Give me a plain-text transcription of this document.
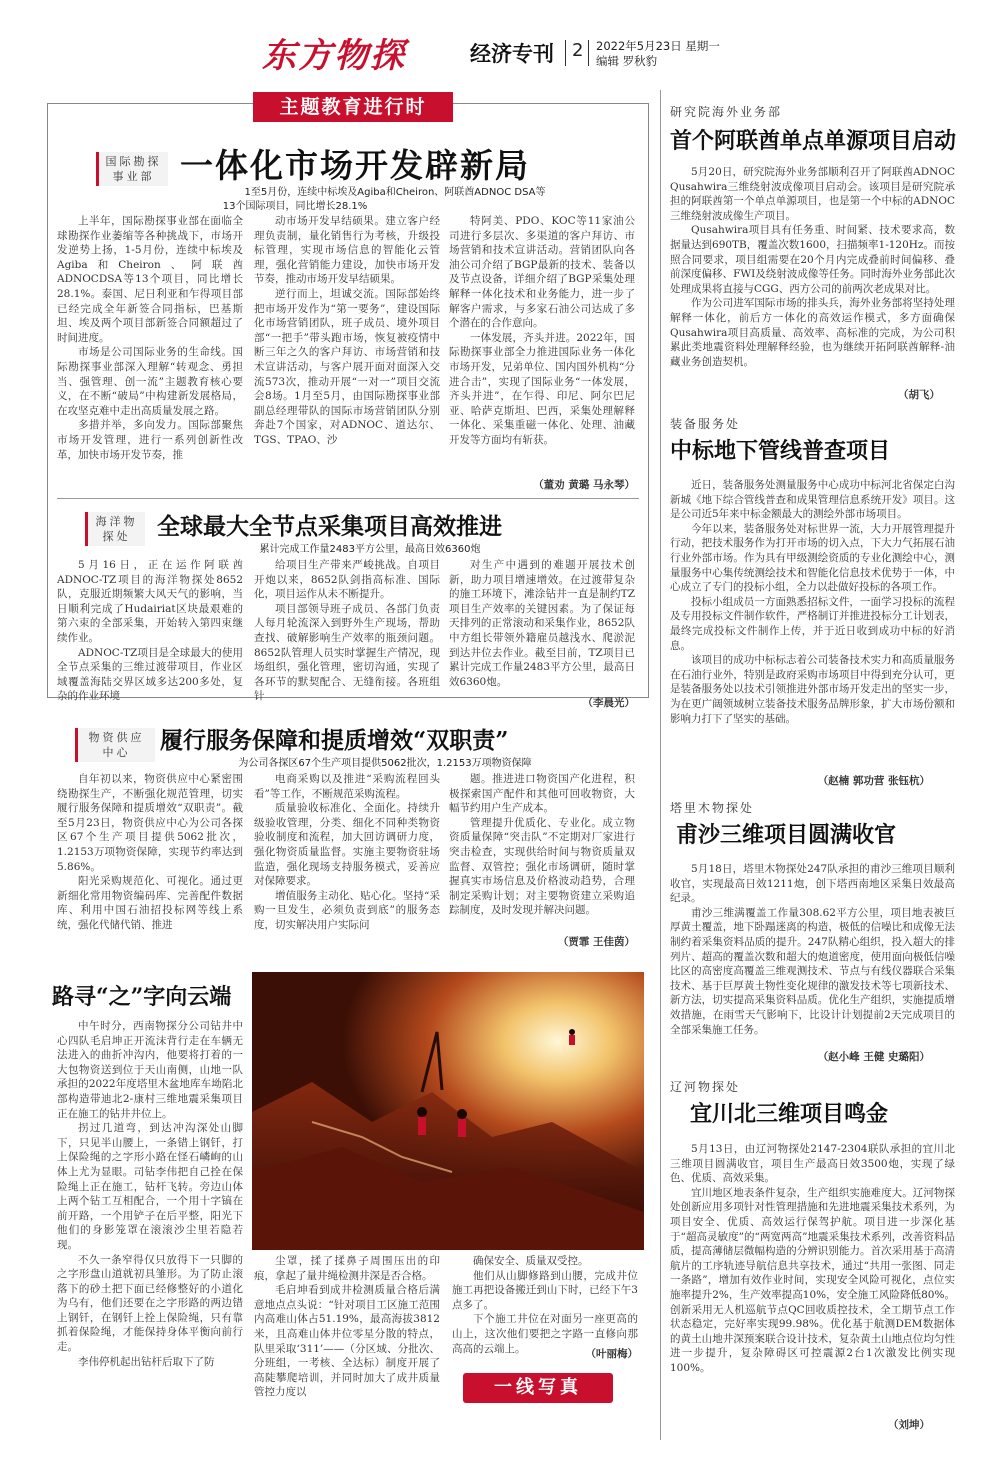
东方物探	经济专刊 2 2022年5月23日 星期一
编辑 罗秋豹
主题教育进行时
国际勘探事业部 一体化市场开发辟新局
1至5月份，连续中标埃及Agiba和Cheiron、阿联酋ADNOC DSA等
13个国际项目，同比增长28.1%

上半年，国际勘探事业部在面临全球勘探作业萎缩等各种挑战下，市场开发逆势上扬，1-5月份，连续中标埃及Agiba和Cheiron、阿联酋ADNOCDSA等13个项目，同比增长28.1%。泰国、尼日利亚和乍得项目部已经完成全年新签合同指标，巴基斯坦、埃及两个项目部新签合同额超过了时间进度。

市场是公司国际业务的生命线。国际勘探事业部深入理解“转观念、勇担当、强管理、创一流”主题教育核心要义，在不断“破局”中构建新发展格局，在攻坚克难中走出高质量发展之路。

多措并举，多向发力。国际部聚焦市场开发管理，进行一系列创新性改革，加快市场开发节奏，推

动市场开发早结硕果。建立客户经理负责制，量化销售行为考核，升级投标管理，实现市场信息的智能化云管理，强化营销能力建设，加快市场开发节奏，推动市场开发早结硕果。

逆行而上，坦诚交流。国际部始终把市场开发作为“第一要务”，建设国际化市场营销团队，班子成员、境外项目部“一把手”带头跑市场，恢复被疫情中断三年之久的客户拜访、市场营销和技术宣讲活动，与客户展开面对面深入交流573次，推动开展“一对一”项目交流会8场。1月至5月，由国际勘探事业部副总经理带队的国际市场营销团队分别奔赴7个国家，对ADNOC、道达尔、TGS、TPAO、沙

特阿美、PDO、KOC等11家油公司进行多层次、多渠道的客户拜访、市场营销和技术宣讲活动。营销团队向各油公司介绍了BGP最新的技术、装备以及节点设备，详细介绍了BGP采集处理解释一体化技术和业务能力，进一步了解客户需求，与多家石油公司达成了多个潜在的合作意向。

一体发展，齐头并进。2022年，国际勘探事业部全力推进国际业务一体化市场开发，兄弟单位、国内国外机构“分进合击”，实现了国际业务“一体发展，齐头并进”，在乍得、印尼、阿尔巴尼亚、哈萨克斯坦、巴西，采集处理解释一体化、采集重磁一体化、处理、油藏开发等方面均有斩获。

（董劝 黄璐 马永琴）
海洋物探处	全球最大全节点采集项目高效推进
累计完成工作量2483平方公里，最高日效6360炮

5月16日，正在运作阿联酋ADNOC-TZ项目的海洋物探处8652队，克服近期频繁大风天气的影响，当日顺利完成了Hudairiat区块最艰难的第六束的全部采集，开始转入第四束继续作业。

ADNOC-TZ项目是全球最大的使用全节点采集的三维过渡带项目，作业区域覆盖海陆交界区域多达200多处，复杂的作业环境

给项目生产带来严峻挑战。自项目开炮以来，8652队剑指高标准、国际化，项目运作从未不断提升。

项目部领导班子成员、各部门负责人每月轮流深入到野外生产现场，帮助查找、破解影响生产效率的瓶颈问题。8652队管理人员实时掌握生产情况，现场组织，强化管理，密切沟通，实现了各环节的默契配合、无缝衔接。各班组针

对生产中遇到的难题开展技术创新，助力项目增速增效。在过渡带复杂的施工环境下，滩涂钻井一直是制约TZ项目生产效率的关键因素。为了保证每天排列的正常滚动和采集作业，8652队中方组长带领外籍雇员越浅水、爬淤泥到达井位去作业。截至目前，TZ项目已累计完成工作量2483平方公里，最高日效6360炮。

（李晨光）
物资供应中心	履行服务保障和提质增效“双职责”
为公司各探区67个生产项目提供5062批次，1.2153万项物资保障

自年初以来，物资供应中心紧密围绕勘探生产，不断强化规范管理，切实履行服务保障和提质增效“双职责”。截至5月23日，物资供应中心为公司各探区67个生产项目提供5062批次，1.2153万项物资保障，实现节约率达到5.86%。

阳光采购规范化、可视化。通过更新细化常用物资编码库、完善配件数据库、利用中国石油招投标网等线上系统，强化代储代销、推进

电商采购以及推进“采购流程回头看”等工作，不断规范采购流程。

质量验收标准化、全面化。持续升级验收管理，分类、细化不同种类物资验收制度和流程，加大回访调研力度，强化物资质量监督。实施主要物资驻场监造，强化现场支持服务模式，妥善应对保障要求。

增值服务主动化、贴心化。坚持“采购一旦发生，必须负责到底”的服务态度，切实解决用户实际问

题。推进进口物资国产化进程，积极探索国产配件和其他可回收物资，大幅节约用户生产成本。

管理提升优质化、专业化。成立物资质量保障“突击队”不定期对厂家进行突击检查，实现供给时间与物资质量双监督、双管控；强化市场调研，随时掌握真实市场信息及价格波动趋势，合理制定采购计划；对主要物资建立采购追踪制度，及时发现并解决问题。

（贾霏 王佳茵）
路寻“之”字向云端

中午时分，西南物探分公司钻井中心四队毛启坤正开流沫背行走在车辆无法进入的曲折冲沟内，他要将打着的一大包物资送到位于天山南侧，山地一队承担的2022年度塔里木盆地库车坳陷北部构造带迪北2-康村三维地震采集项目正在施工的钻井井位上。

拐过几道弯，到达冲沟深处山脚下，只见半山腰上，一条错上钢钎，打上保险绳的之字形小路在怪石嶙峋的山体上尤为显眼。司钻李伟把自己拴在保险绳上正在施工，钻杆飞转。旁边山体上两个钻工互相配合，一个用十字镐在前开路，一个用铲子在后平整，阳光下他们的身影笼罩在滚滚沙尘里若隐若现。

不久一条窄得仅只放得下一只脚的之字形盘山道就初具雏形。为了防止滚落下的砂土把下面已经修整好的小道化为乌有，他们还要在之字形路的两边错上钢钎，在钢钎上拴上保险绳，只有靠抓着保险绳，才能保持身体平衡向前行走。

李伟停机起出钻杆后取下了防

尘罩，揉了揉鼻子周围压出的印痕，拿起了量井绳检测井深是否合格。

毛启坤看到成井检测质量合格后满意地点点头说：“针对项目工区施工范围内高难山体占51.19%，最高海拔3812米，且高难山体井位零星分散的特点，队里采取‘311’——（分区域、分批次、分班组，一考核、全达标）制度开展了高陡攀爬培训，并同时加大了成井质量管控力度以

确保安全、质量双受控。

他们从山脚修路到山腰，完成井位施工再把设备搬迁到山下时，已经下午3点多了。

下个施工井位在对面另一座更高的山上，这次他们要把之字路一直修向那高高的云端上。	（叶丽梅）
一线写真
研究院海外业务部
首个阿联酋单点单源项目启动

5月20日，研究院海外业务部顺利召开了阿联酋ADNOC Qusahwira三维绕射波成像项目启动会。该项目是研究院承担的阿联酋第一个单点单源项目，也是第一个中标的ADNOC三维绕射波成像生产项目。

Qusahwira项目具有任务重、时间紧、技术要求高，数据量达到690TB，覆盖次数1600，扫描频率1-120Hz。而按照合同要求，项目组需要在20个月内完成叠前时间偏移、叠前深度偏移、FWI及绕射波成像等任务。同时海外业务部此次处理成果将直接与CGG、西方公司的前两次老成果对比。

作为公司进军国际市场的排头兵，海外业务部将坚持处理解释一体化，前后方一体化的高效运作模式，多方面确保Qusahwira项目高质量、高效率、高标准的完成，为公司积累此类地震资料处理解释经验，也为继续开拓阿联酋解释-油藏业务创造契机。

（胡飞）
装备服务处
中标地下管线普查项目

近日，装备服务处测量服务中心成功中标河北省保定白沟新城《地下综合管线普查和成果管理信息系统开发》项目。这是公司近5年来中标金额最大的测绘外部市场项目。

今年以来，装备服务处对标世界一流，大力开展管理提升行动，把技术服务作为打开市场的切入点，下大力气拓展石油行业外部市场。作为具有甲级测绘资质的专业化测绘中心，测量服务中心集传统测绘技术和智能化信息技术优势于一体，中心成立了专门的投标小组，全力以赴做好投标的各项工作。

投标小组成员一方面熟悉招标文件，一面学习投标的流程及专用投标文件制作软件，严格制订并推进投标分工计划表，最终完成投标文件制作上传，并于近日收到成功中标的好消息。

该项目的成功中标标志着公司装备技术实力和高质量服务在石油行业外，特别是政府采购市场项目中得到充分认可，更是装备服务处以技术引领推进外部市场开发走出的坚实一步，为在更广阔领域树立装备技术服务品牌形象，扩大市场份额和影响力打下了坚实的基础。

（赵楠 郭功营 张钰杭）
塔里木物探处
甫沙三维项目圆满收官

5月18日，塔里木物探处247队承担的甫沙三维项目顺利收官，实现最高日效1211炮，创下塔西南地区采集日效最高纪录。

甫沙三维满覆盖工作量308.62平方公里，项目地表被巨厚黄土覆盖，地下卧蹋迷离的构造，极低的信噪比和成像无法制约着采集资料品质的提升。247队精心组织，投入超大的排列片、超高的覆盖次数和超大的炮道密度，使用面向极低信噪比区的高密度高覆盖三维观测技术、节点与有线仪器联合采集技术、基于巨厚黄土物性变化规律的激发技术等七项新技术、新方法，切实提高采集资料品质。优化生产组织，实施提质增效措施，在雨雪天气影响下，比设计计划提前2天完成项目的全部采集施工任务。

（赵小峰 王健 史璐阳）
辽河物探处
宜川北三维项目鸣金

5月13日，由辽河物探处2147-2304联队承担的宜川北三维项目圆满收官，项目生产最高日效3500炮，实现了绿色、优质、高效采集。

宜川地区地表条件复杂，生产组织实施难度大。辽河物探处创新应用多项针对性管理措施和先进地震采集技术系列，为项目安全、优质、高效运行保驾护航。项目进一步深化基于“超高灵敏度”的“两宽两高”地震采集技术系列，改善资料品质，提高薄储层微幅构造的分辨识别能力。首次采用基于高清航片的工序轨迹导航信息共享技术，通过“共用一张图、同走一条路”，增加有效作业时间，实现安全风险可视化，点位实施率提升2%，生产效率提高10%，安全施工风险降低80%。创新采用无人机巡航节点QC回收质控技术，全工期节点工作状态稳定，完好率实现99.98%。优化基于航测DEM数据体的黄土山地井深预案联合设计技术，复杂黄土山地点位均匀性进一步提升，复杂障碍区可控震源2台1次激发比例实现100%。

（刘坤）
